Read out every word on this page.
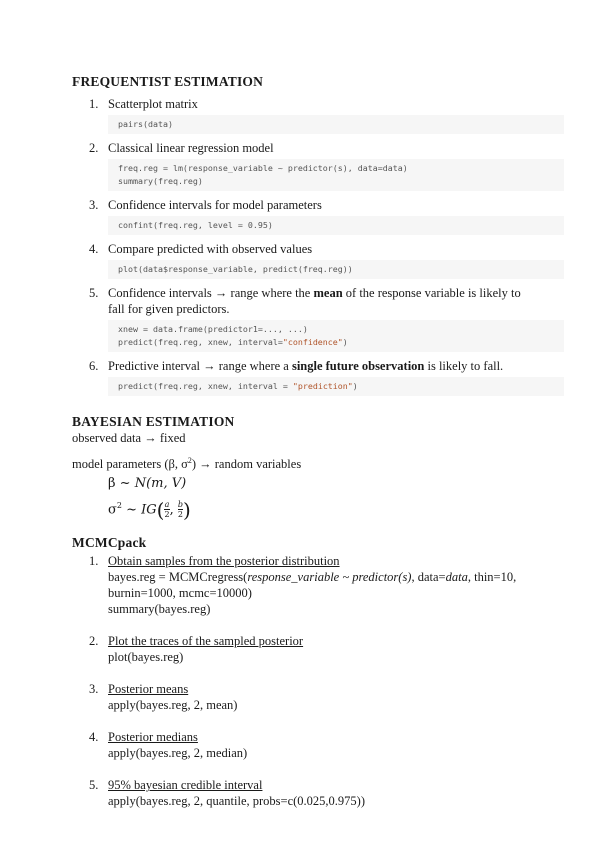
FREQUENTIST ESTIMATION
1. Scatterplot matrix
pairs(data)
2. Classical linear regression model
freq.reg = lm(response_variable ~ predictor(s), data=data)
summary(freq.reg)
3. Confidence intervals for model parameters
confint(freq.reg, level = 0.95)
4. Compare predicted with observed values
plot(data$response_variable, predict(freq.reg))
5. Confidence intervals → range where the mean of the response variable is likely to fall for given predictors.
xnew = data.frame(predictor1=..., ...)
predict(freq.reg, xnew, interval="confidence")
6. Predictive interval → range where a single future observation is likely to fall.
predict(freq.reg, xnew, interval = "prediction")
BAYESIAN ESTIMATION
observed data → fixed
model parameters (β, $\sigma^2$) → random variables
β ~ N(m, V)
$\sigma^2$ ~ $IG( \frac{a}{2}$ , $\frac{b}{2}$ )
MCMCpack
1. Obtain samples from the posterior distribution
bayes.reg = MCMCregress(response_variable ~ predictor(s), data=data, thin=10,
burnin=1000, mcmc=10000)
summary(bayes.reg)
2. Plot the traces of the sampled posterior
plot(bayes.reg)
3. Posterior means
apply(bayes.reg, 2, mean)
4. Posterior medians
apply(bayes.reg, 2, median)
5. 95% bayesian credible interval
apply(bayes.reg, 2, quantile, probs=c(0.025,0.975))
